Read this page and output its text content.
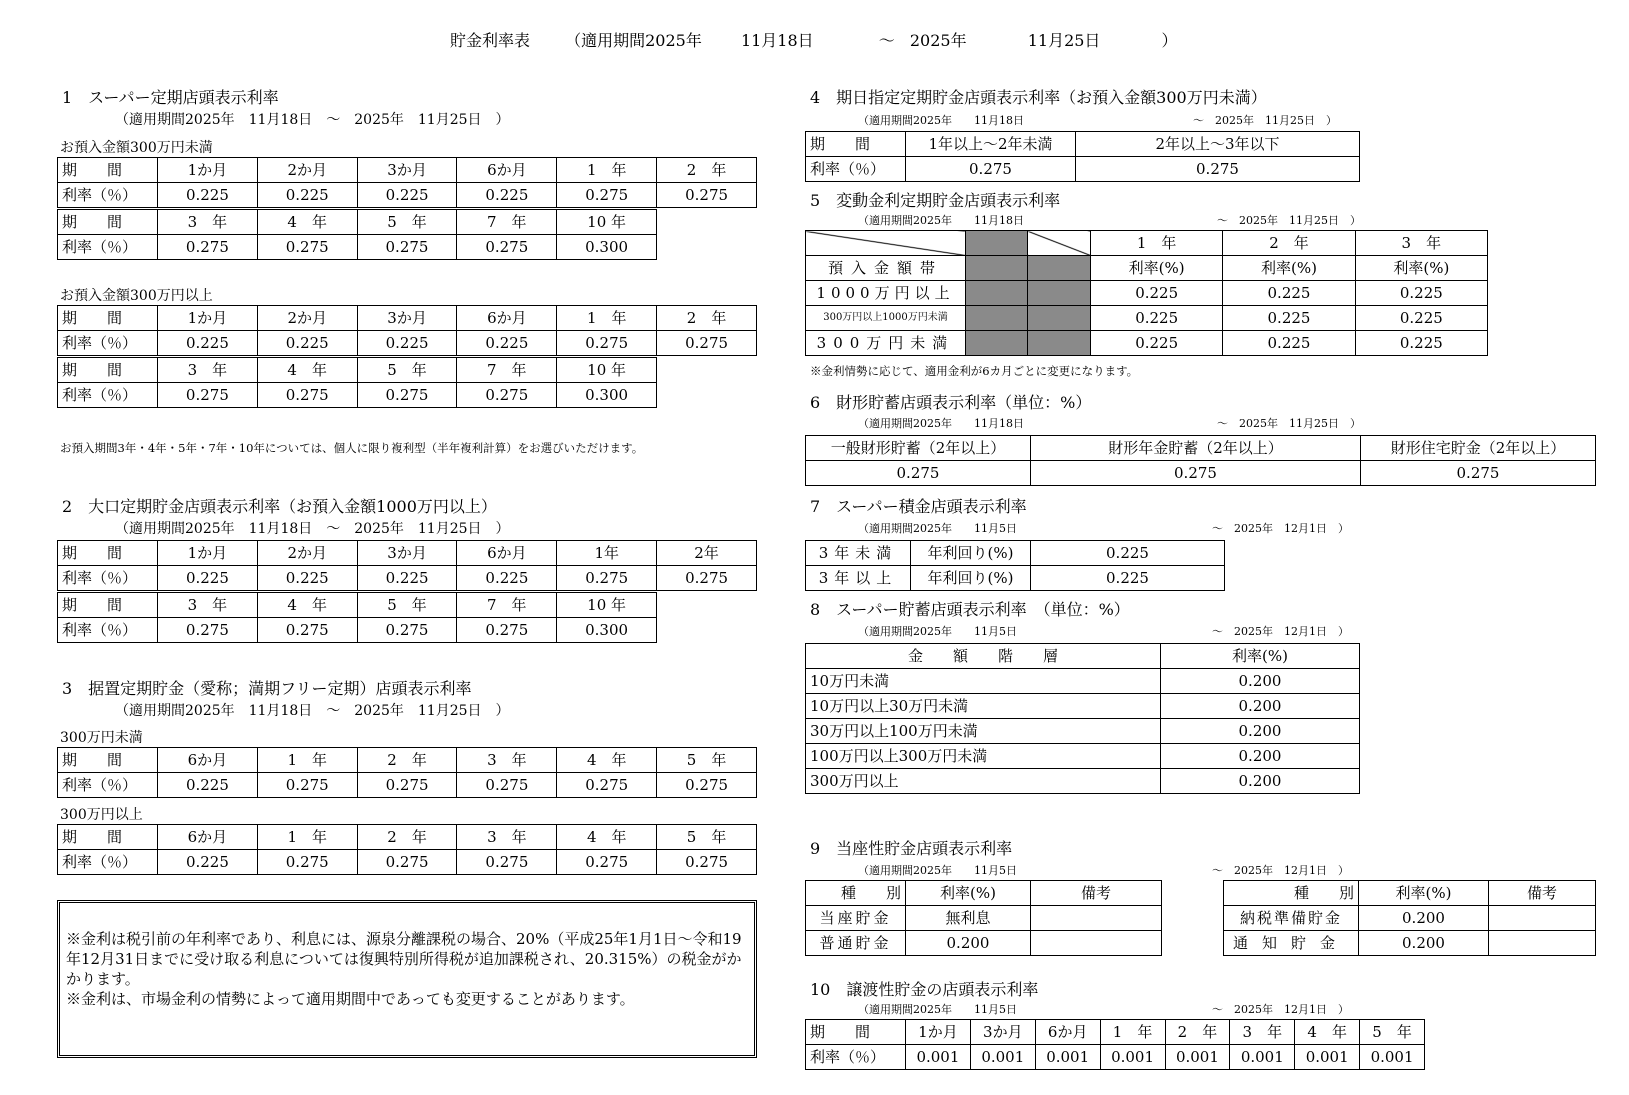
貯金利率表 （適用期間2025年 11月18日	～ 2025年	11月25日	）
1　スーパー定期店頭表示利率
（適用期間2025年　11月18日　～　2025年　11月25日　）
お預入金額300万円未満
期　　間	1か月	2か月	3か月	6か月	1　年	2　年
利率（％）	0.225	0.225	0.225	0.225	0.275	0.275
期　　間	3　年	4　年	5　年	7　年	10 年
利率（％）	0.275	0.275	0.275	0.275	0.300
お預入金額300万円以上
期　　間	1か月	2か月	3か月	6か月	1　年	2　年
利率（％）	0.225	0.225	0.225	0.225	0.275	0.275
期　　間	3　年	4　年	5　年	7　年	10 年
利率（％）	0.275	0.275	0.275	0.275	0.300
お預入期間3年・4年・5年・7年・10年については、個人に限り複利型（半年複利計算）をお選びいただけます。
2　大口定期貯金店頭表示利率（お預入金額1000万円以上）
（適用期間2025年　11月18日　～　2025年　11月25日　）
期　　間	1か月	2か月	3か月	6か月	1年	2年
利率（％）	0.225	0.225	0.225	0.225	0.275	0.275
期　　間	3　年	4　年	5　年	7　年	10 年
利率（％）	0.275	0.275	0.275	0.275	0.300
3　据置定期貯金（愛称；満期フリー定期）店頭表示利率
（適用期間2025年　11月18日　～　2025年　11月25日　）
300万円未満
期　　間	6か月	1　年	2　年	3　年	4　年	5　年
利率（％）	0.225	0.275	0.275	0.275	0.275	0.275
300万円以上
期　　間	6か月	1　年	2　年	3　年	4　年	5　年
利率（％）	0.225	0.275	0.275	0.275	0.275	0.275

※金利は税引前の年利率であり、利息には、源泉分離課税の場合、20%（平成25年1月1日～令和19年12月31日までに受け取る利息については復興特別所得税が追加課税され、20.315%）の税金がかかります。

※金利は、市場金利の情勢によって適用期間中であっても変更することがあります。

4　期日指定定期貯金店頭表示利率（お預入金額300万円未満）
（適用期間2025年　　11月18日	～　2025年　11月25日　）
期　　間	1年以上～2年未満	2年以上～3年以下
利率（％）	0.275	0.275
5　変動金利定期貯金店頭表示利率
（適用期間2025年　　11月18日	～　2025年　11月25日　）
			1　年	2　年	3　年
預入金額帯			利率(%)	利率(%)	利率(%)
1000万円以上			0.225	0.225	0.225
300万円以上1000万円未満			0.225	0.225	0.225
300万円未満			0.225	0.225	0.225
※金利情勢に応じて、適用金利が6カ月ごとに変更になります。
6　財形貯蓄店頭表示利率（単位：%）
（適用期間2025年　　11月18日	～　2025年　11月25日　）
一般財形貯蓄（2年以上）	財形年金貯蓄（2年以上）	財形住宅貯金（2年以上）
0.275	0.275	0.275
7　スーパー積金店頭表示利率
（適用期間2025年　　11月5日	～　2025年　12月1日　）
3年未満	年利回り(%)	0.225
3年以上	年利回り(%)	0.225
8　スーパー貯蓄店頭表示利率　（単位：%）
（適用期間2025年　　11月5日	～　2025年　12月1日　）
金　　額　　階　　層	利率(%)
10万円未満	0.200
10万円以上30万円未満	0.200
30万円以上100万円未満	0.200
100万円以上300万円未満	0.200
300万円以上	0.200
9　当座性貯金店頭表示利率
（適用期間2025年　　11月5日	～　2025年　12月1日　）
種　　別	利率(%)	備考
当座貯金	無利息	
普通貯金	0.200	
種　　別	利率(%)	備考
納税準備貯金	0.200	
通知貯金	0.200	
10　譲渡性貯金の店頭表示利率
（適用期間2025年　　11月5日	～　2025年　12月1日　）
期　　間	1か月	3か月	6か月	1　年	2　年	3　年	4　年	5　年
利率（％）	0.001	0.001	0.001	0.001	0.001	0.001	0.001	0.001
